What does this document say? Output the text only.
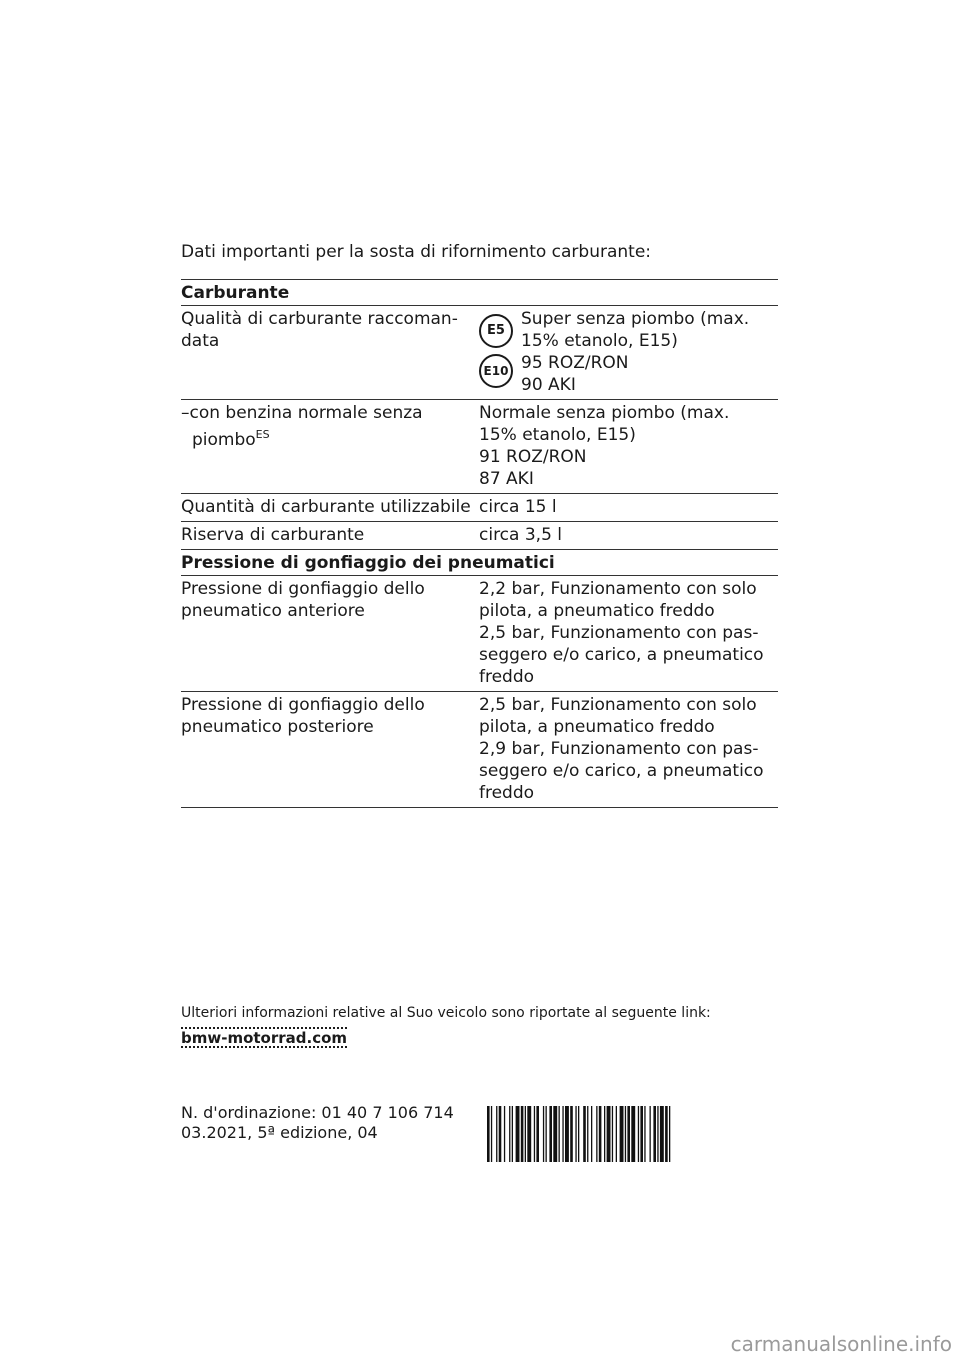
Dati importanti per la sosta di rifornimento carburante:

Carburante
Qualità di carburante raccoman-
data
E5
E10
Super senza piombo (max.
15% etanolo, E15)
95 ROZ/RON
90 AKI
–con benzina normale senza
piombo$^{ES}$
Normale senza piombo (max.
15% etanolo, E15)
91 ROZ/RON
87 AKI
Quantità di carburante utilizzabile circa 15 l
Riserva di carburante	circa 3,5 l
Pressione di gonfiaggio dei pneumatici
Pressione di gonfiaggio dello
pneumatico anteriore
2,2 bar, Funzionamento con solo
pilota, a pneumatico freddo
2,5 bar, Funzionamento con pas-
seggero e/o carico, a pneumatico
freddo
Pressione di gonfiaggio dello
pneumatico posteriore
2,5 bar, Funzionamento con solo
pilota, a pneumatico freddo
2,9 bar, Funzionamento con pas-
seggero e/o carico, a pneumatico
freddo
Ulteriori informazioni relative al Suo veicolo sono riportate al seguente link:
bmw-motorrad.com
N. d'ordinazione: 01 40 7 106 714
03.2021, 5ª edizione, 04
carmanualsonline.info
